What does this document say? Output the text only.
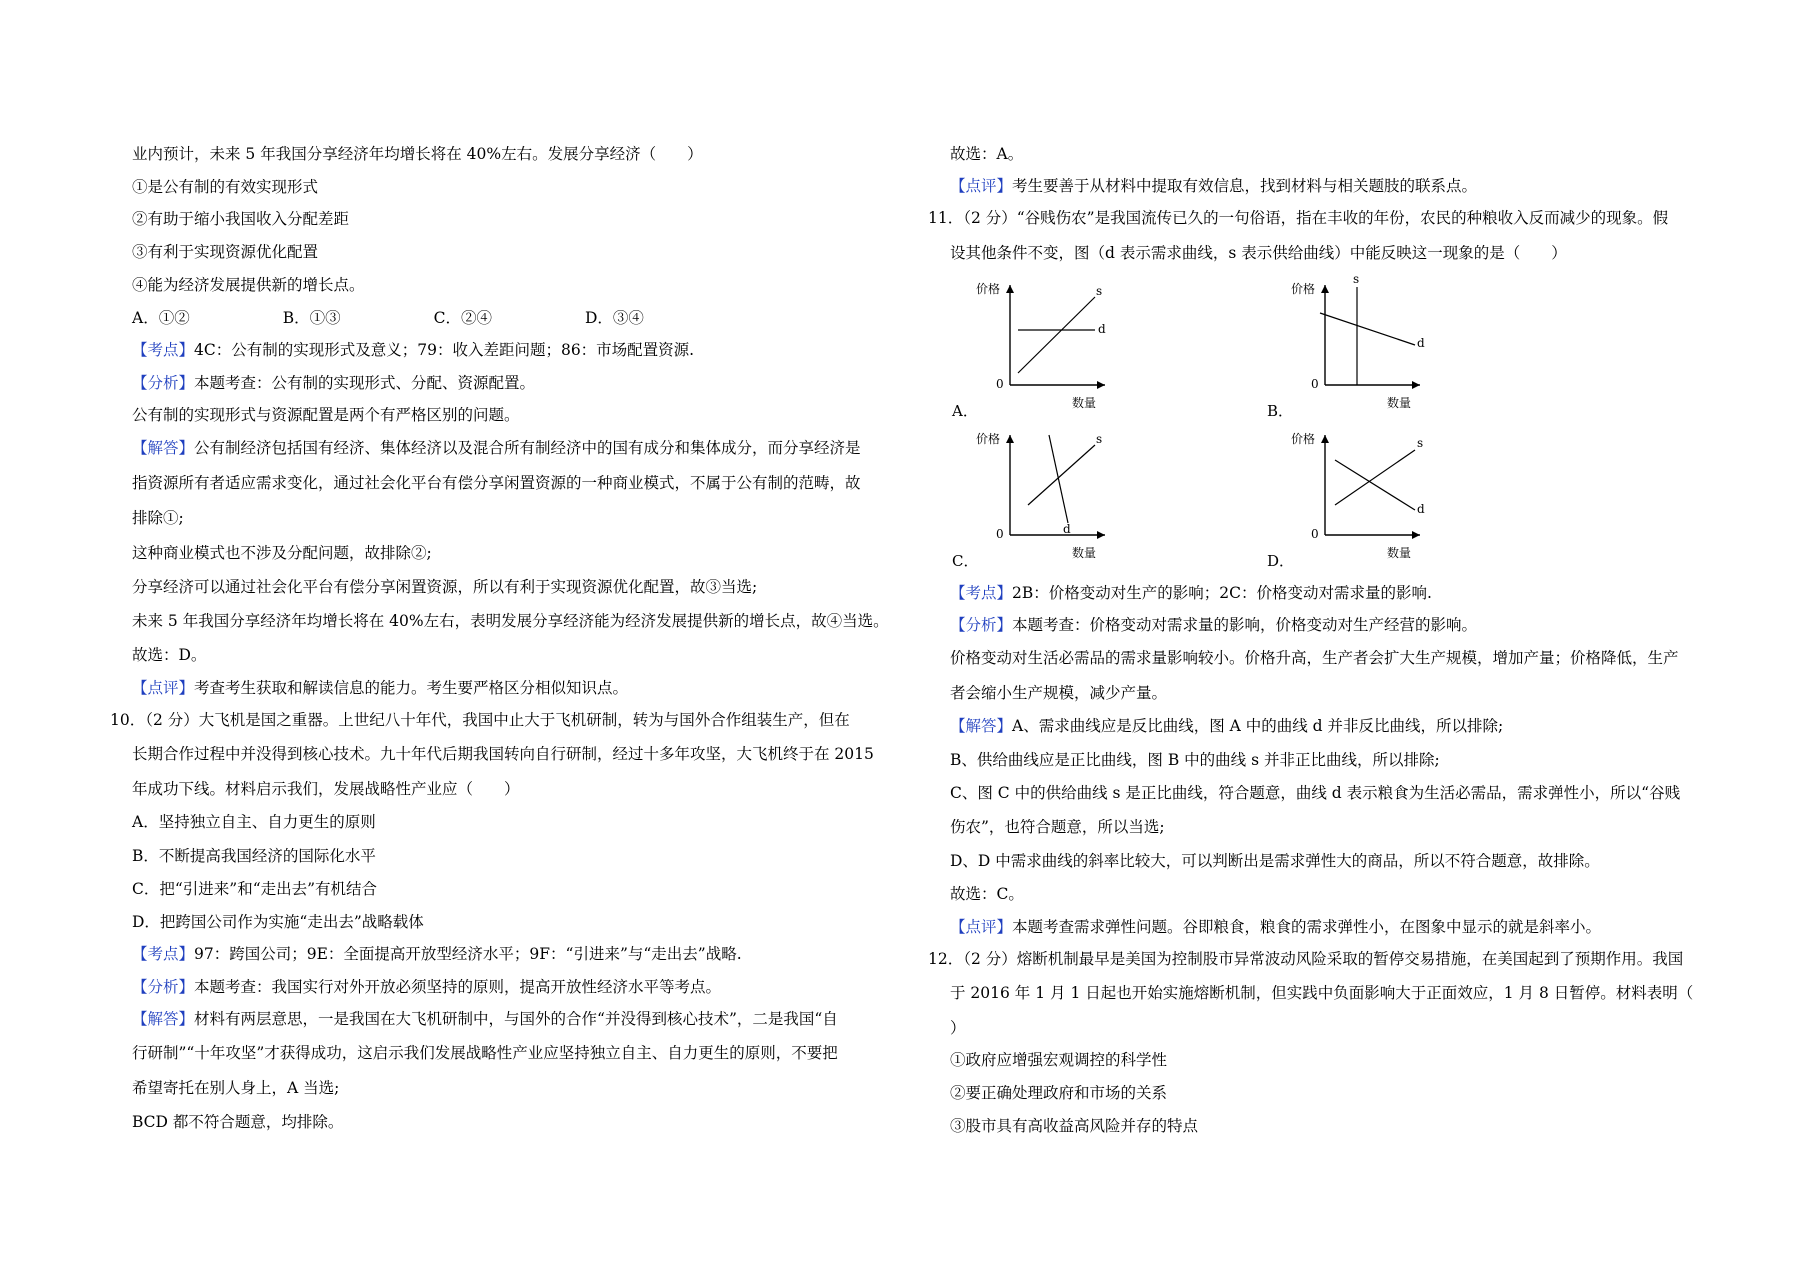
业内预计，未来 5 年我国分享经济年均增长将在 40%左右。发展分享经济（　　）
①是公有制的有效实现形式
②有助于缩小我国收入分配差距
③有利于实现资源优化配置
④能为经济发展提供新的增长点。
A．①②　　　　　　B．①③　　　　　　C．②④　　　　　　D．③④
【考点】4C：公有制的实现形式及意义；79：收入差距问题；86：市场配置资源.
【分析】本题考查：公有制的实现形式、分配、资源配置。
公有制的实现形式与资源配置是两个有严格区别的问题。
【解答】公有制经济包括国有经济、集体经济以及混合所有制经济中的国有成分和集体成分，而分享经济是
指资源所有者适应需求变化，通过社会化平台有偿分享闲置资源的一种商业模式，不属于公有制的范畴，故
排除①;
这种商业模式也不涉及分配问题，故排除②;
分享经济可以通过社会化平台有偿分享闲置资源，所以有利于实现资源优化配置，故③当选;
未来 5 年我国分享经济年均增长将在 40%左右，表明发展分享经济能为经济发展提供新的增长点，故④当选。
故选：D。
【点评】考查考生获取和解读信息的能力。考生要严格区分相似知识点。
10．（2 分）大飞机是国之重器。上世纪八十年代，我国中止大于飞机研制，转为与国外合作组装生产，但在
长期合作过程中并没得到核心技术。九十年代后期我国转向自行研制，经过十多年攻坚，大飞机终于在 2015
年成功下线。材料启示我们，发展战略性产业应（　　）
A．坚持独立自主、自力更生的原则
B．不断提高我国经济的国际化水平
C．把“引进来”和“走出去”有机结合
D．把跨国公司作为实施“走出去”战略载体
【考点】97：跨国公司；9E：全面提高开放型经济水平；9F：“引进来”与“走出去”战略.
【分析】本题考查：我国实行对外开放必须坚持的原则，提高开放性经济水平等考点。
【解答】材料有两层意思，一是我国在大飞机研制中，与国外的合作“并没得到核心技术”，二是我国“自
行研制”“十年攻坚”才获得成功，这启示我们发展战略性产业应坚持独立自主、自力更生的原则，不要把
希望寄托在别人身上，A 当选;
BCD 都不符合题意，均排除。
故选：A。
【点评】考生要善于从材料中提取有效信息，找到材料与相关题肢的联系点。
11．（2 分）“谷贱伤农”是我国流传已久的一句俗语，指在丰收的年份，农民的种粮收入反而减少的现象。假
设其他条件不变，图（d 表示需求曲线，s 表示供给曲线）中能反映这一现象的是（　　）
【考点】2B：价格变动对生产的影响；2C：价格变动对需求量的影响.
【分析】本题考查：价格变动对需求量的影响，价格变动对生产经营的影响。
价格变动对生活必需品的需求量影响较小。价格升高，生产者会扩大生产规模，增加产量；价格降低，生产
者会缩小生产规模，减少产量。
【解答】A、需求曲线应是反比曲线，图 A 中的曲线 d 并非反比曲线，所以排除;
B、供给曲线应是正比曲线，图 B 中的曲线 s 并非正比曲线，所以排除;
C、图 C 中的供给曲线 s 是正比曲线，符合题意，曲线 d 表示粮食为生活必需品，需求弹性小，所以“谷贱
伤农”，也符合题意，所以当选;
D、D 中需求曲线的斜率比较大，可以判断出是需求弹性大的商品，所以不符合题意，故排除。
故选：C。
【点评】本题考查需求弹性问题。谷即粮食，粮食的需求弹性小，在图象中显示的就是斜率小。
12．（2 分）熔断机制最早是美国为控制股市异常波动风险采取的暂停交易措施，在美国起到了预期作用。我国
于 2016 年 1 月 1 日起也开始实施熔断机制，但实践中负面影响大于正面效应，1 月 8 日暂停。材料表明（
）
①政府应增强宏观调控的科学性
②要正确处理政府和市场的关系
③股市具有高收益高风险并存的特点
价格
0
数量
s
d
A．
价格
0
数量
s
d
B．
价格
0
数量
s
d
C．
价格
0
数量
s
d
D．
